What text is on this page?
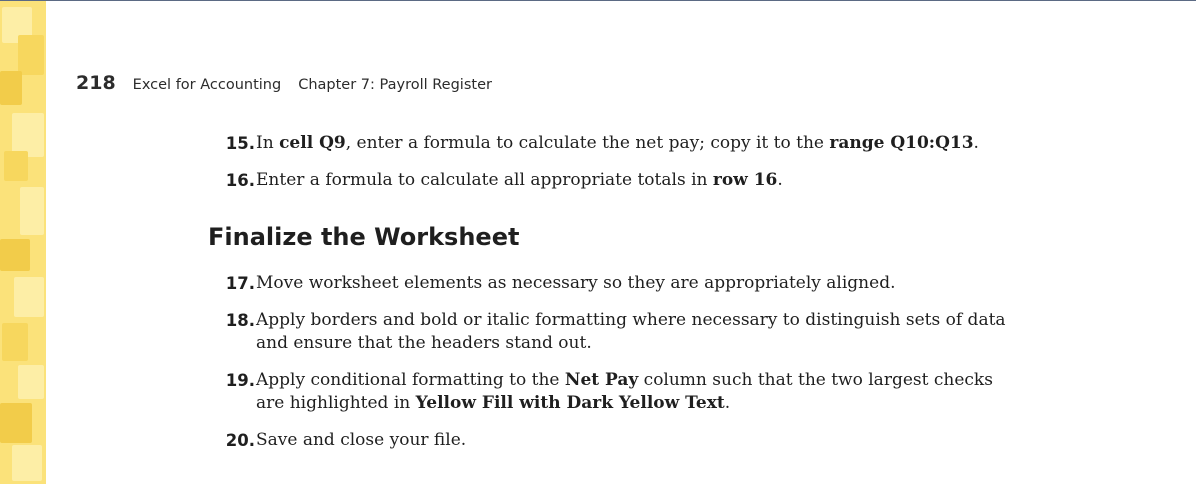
218 Excel for Accounting Chapter 7: Payroll Register
15. In cell Q9, enter a formula to calculate the net pay; copy it to the range Q10:Q13.
16. Enter a formula to calculate all appropriate totals in row 16.
Finalize the Worksheet
17. Move worksheet elements as necessary so they are appropriately aligned.
18. Apply borders and bold or italic formatting where necessary to distinguish sets of data and ensure that the headers stand out.
19. Apply conditional formatting to the Net Pay column such that the two largest checks are highlighted in Yellow Fill with Dark Yellow Text.
20. Save and close your file.
